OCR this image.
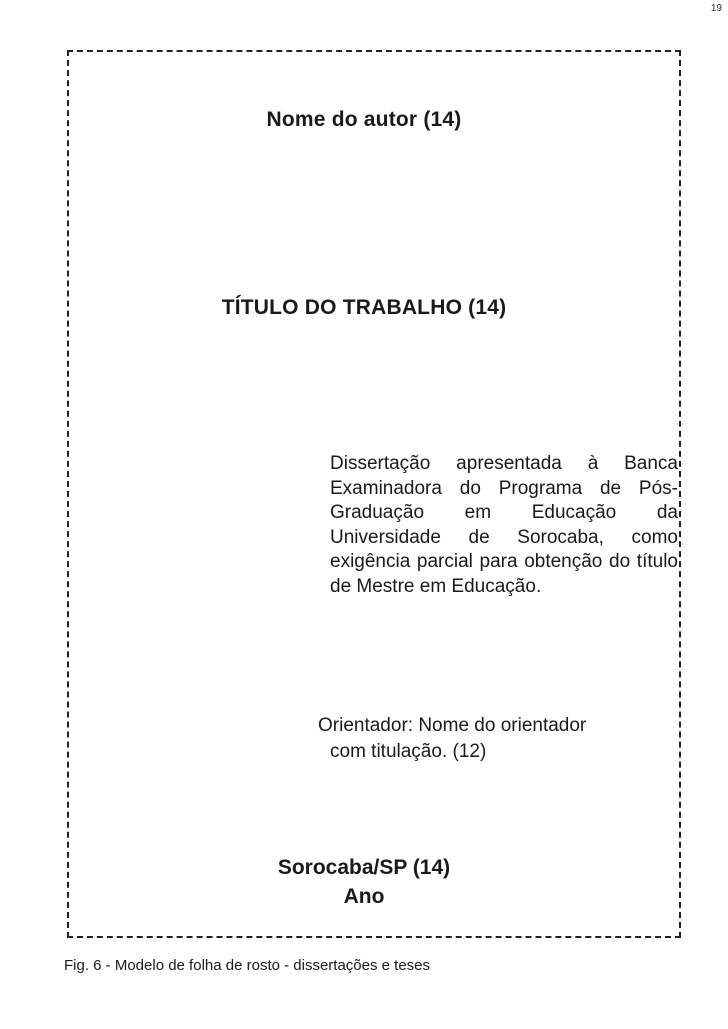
19
Nome do autor (14)
TÍTULO DO TRABALHO (14)

Dissertação apresentada à Banca Examinadora do Programa de Pós-Graduação em Educação da Universidade de Sorocaba, como exigência parcial para obtenção do título de Mestre em Educação.

Orientador: Nome do orientador
com titulação. (12)
Sorocaba/SP (14)
Ano
Fig. 6 - Modelo de folha de rosto - dissertações e teses
